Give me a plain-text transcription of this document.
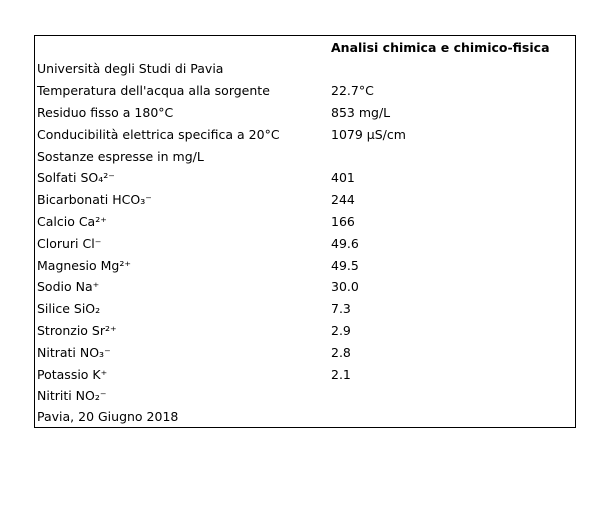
Analisi chimica e chimico-fisica
Università degli Studi di Pavia
Temperatura dell'acqua alla sorgente	22.7°C
Residuo fisso a 180°C	853 mg/L
Conducibilità elettrica specifica a 20°C	1079 µS/cm
Sostanze espresse in mg/L
Solfati SO₄²⁻	401
Bicarbonati HCO₃⁻	244
Calcio Ca²⁺	166
Cloruri Cl⁻	49.6
Magnesio Mg²⁺	49.5
Sodio Na⁺	30.0
Silice SiO₂	7.3
Stronzio Sr²⁺	2.9
Nitrati NO₃⁻	2.8
Potassio K⁺	2.1
Nitriti NO₂⁻
Pavia, 20 Giugno 2018
